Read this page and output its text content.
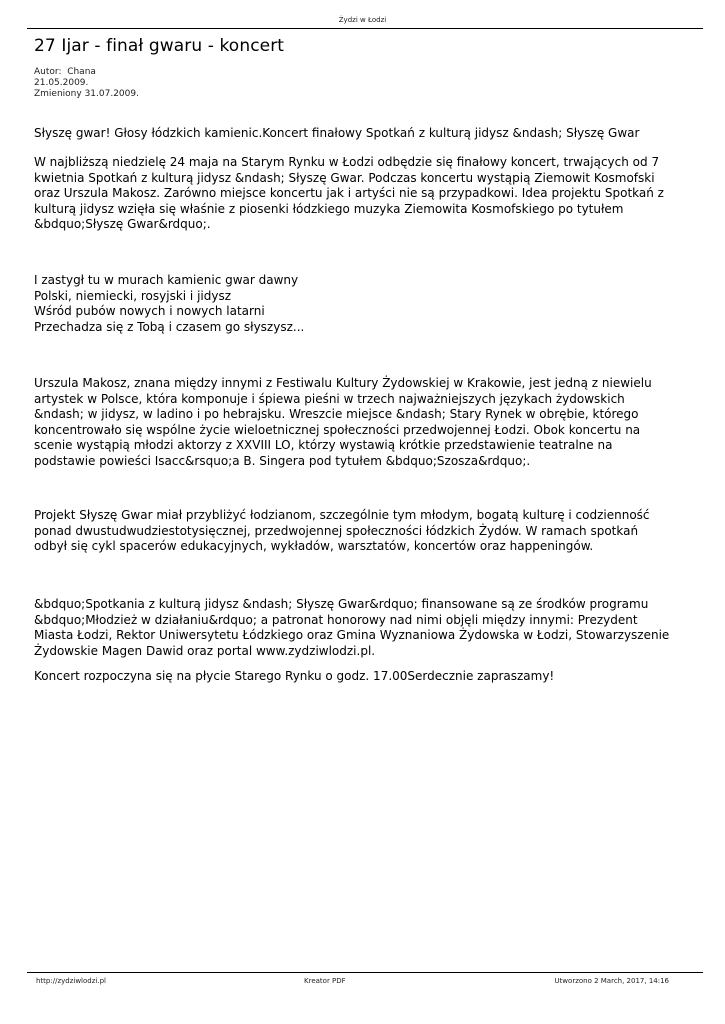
Żydzi w Łodzi
27 Ijar - finał gwaru - koncert
Autor:  Chana
21.05.2009.
Zmieniony 31.07.2009.

Słyszę gwar! Głosy łódzkich kamienic.Koncert finałowy Spotkań z kulturą jidysz &ndash; Słyszę Gwar

W najbliższą niedzielę 24 maja na Starym Rynku w Łodzi odbędzie się finałowy koncert, trwających od 7 kwietnia Spotkań z kulturą jidysz &ndash; Słyszę Gwar. Podczas koncertu wystąpią Ziemowit Kosmofski oraz Urszula Makosz. Zarówno miejsce koncertu jak i artyści nie są przypadkowi. Idea projektu Spotkań z kulturą jidysz wzięła się właśnie z piosenki łódzkiego muzyka Ziemowita Kosmofskiego po tytułem &bdquo;Słyszę Gwar&rdquo;.

I zastygł tu w murach kamienic gwar dawny
Polski, niemiecki, rosyjski i jidysz
Wśród pubów nowych i nowych latarni
Przechadza się z Tobą i czasem go słyszysz...

Urszula Makosz, znana między innymi z Festiwalu Kultury Żydowskiej w Krakowie, jest jedną z niewielu artystek w Polsce, która komponuje i śpiewa pieśni w trzech najważniejszych językach żydowskich &ndash; w jidysz, w ladino i po hebrajsku. Wreszcie miejsce &ndash; Stary Rynek w obrębie, którego koncentrowało się wspólne życie wieloetnicznej społeczności przedwojennej Łodzi. Obok koncertu na scenie wystąpią młodzi aktorzy z XXVIII LO, którzy wystawią krótkie przedstawienie teatralne na podstawie powieści Isacc&rsquo;a B. Singera pod tytułem &bdquo;Szosza&rdquo;.

Projekt Słyszę Gwar miał przybliżyć łodzianom, szczególnie tym młodym, bogatą kulturę i codzienność ponad dwustudwudziestotysięcznej, przedwojennej społeczności łódzkich Żydów. W ramach spotkań odbył się cykl spacerów edukacyjnych, wykładów, warsztatów, koncertów oraz happeningów.

&bdquo;Spotkania z kulturą jidysz &ndash; Słyszę Gwar&rdquo; finansowane są ze środków programu &bdquo;Młodzież w działaniu&rdquo; a patronat honorowy nad nimi objęli między innymi: Prezydent Miasta Łodzi, Rektor Uniwersytetu Łódzkiego oraz Gmina Wyznaniowa Żydowska w Łodzi, Stowarzyszenie Żydowskie Magen Dawid oraz portal www.zydziwlodzi.pl.

Koncert rozpoczyna się na płycie Starego Rynku o godz. 17.00Serdecznie zapraszamy!

http://zydziwlodzi.pl	Kreator PDF	Utworzono 2 March, 2017, 14:16
